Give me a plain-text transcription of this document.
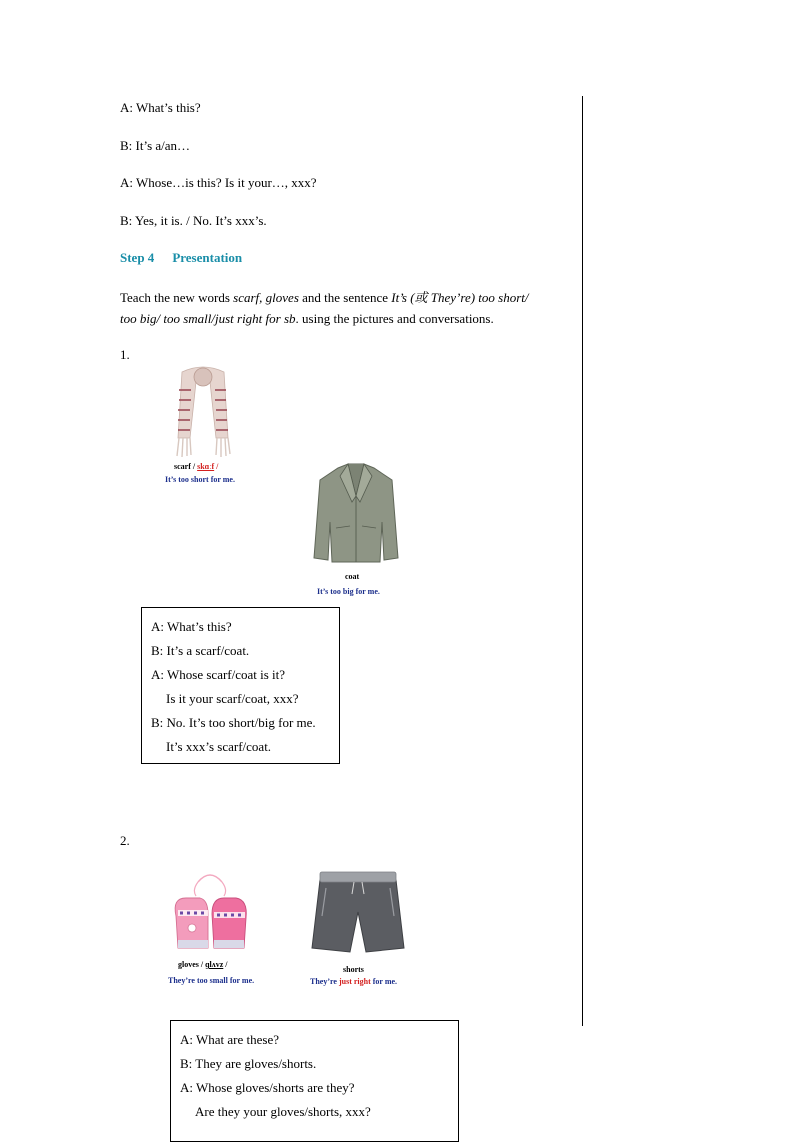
A: What’s this?
B: It’s a/an…
A: Whose…is this? Is it your…, xxx?
B: Yes, it is. / No. It’s xxx’s.
Step 4 Presentation
Teach the new words scarf, gloves and the sentence It’s (或 They’re) too short/
too big/ too small/just right for sb. using the pictures and conversations.
1.
scarf / skɑːf /
It’s too short for me.
coat
It’s too big for me.
A: What’s this?
B: It’s a scarf/coat.
A: Whose scarf/coat is it?
Is it your scarf/coat, xxx?
B: No. It’s too short/big for me.
It’s xxx’s scarf/coat.
2.
gloves / ɡlʌvz /
They’re too small for me.
shorts
They’re just right for me.
A: What are these?
B: They are gloves/shorts.
A: Whose gloves/shorts are they?
Are they your gloves/shorts, xxx?
